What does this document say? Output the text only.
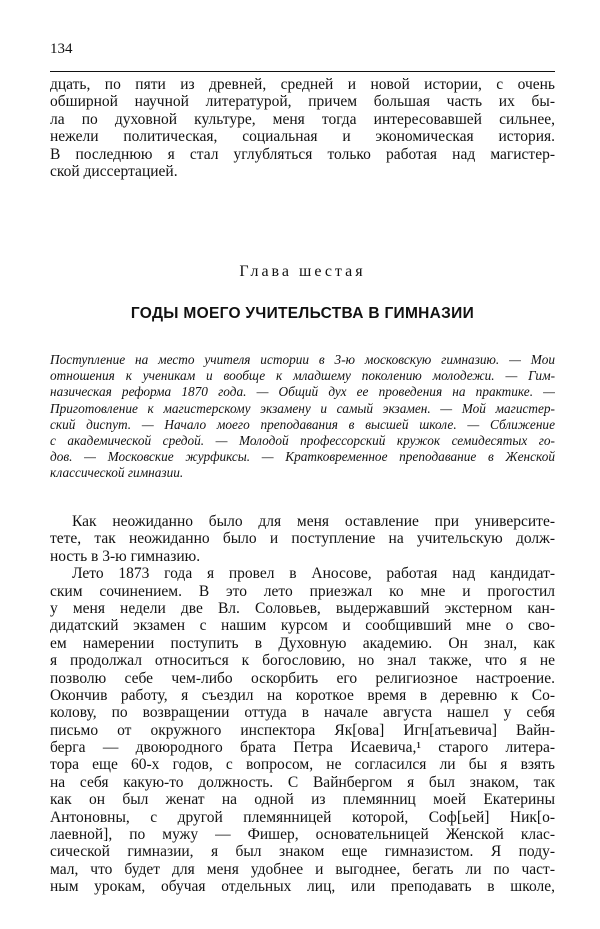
134
дцать, по пяти из древней, средней и новой истории, с очень
обширной научной литературой, причем большая часть их бы-
ла по духовной культуре, меня тогда интересовавшей сильнее,
нежели политическая, социальная и экономическая история.
В последнюю я стал углубляться только работая над магистер-
ской диссертацией.
Глава шестая
ГОДЫ МОЕГО УЧИТЕЛЬСТВА В ГИМНАЗИИ
Поступление на место учителя истории в 3-ю московскую гимназию. — Мои
отношения к ученикам и вообще к младшему поколению молодежи. — Гим-
назическая реформа 1870 года. — Общий дух ее проведения на практике. —
Приготовление к магистерскому экзамену и самый экзамен. — Мой магистер-
ский диспут. — Начало моего преподавания в высшей школе. — Сближение
с академической средой. — Молодой профессорский кружок семидесятых го-
дов. — Московские журфиксы. — Кратковременное преподавание в Женской
классической гимназии.
Как неожиданно было для меня оставление при университе-
тете, так неожиданно было и поступление на учительскую долж-
ность в 3-ю гимназию.
Лето 1873 года я провел в Аносове, работая над кандидат-
ским сочинением. В это лето приезжал ко мне и прогостил
у меня недели две Вл. Соловьев, выдержавший экстерном кан-
дидатский экзамен с нашим курсом и сообщивший мне о сво-
ем намерении поступить в Духовную академию. Он знал, как
я продолжал относиться к богословию, но знал также, что я не
позволю себе чем-либо оскорбить его религиозное настроение.
Окончив работу, я съездил на короткое время в деревню к Со-
колову, по возвращении оттуда в начале августа нашел у себя
письмо от окружного инспектора Як[ова] Игн[атьевича] Вайн-
берга — двоюродного брата Петра Исаевича,¹ старого литера-
тора еще 60-х годов, с вопросом, не согласился ли бы я взять
на себя какую-то должность. С Вайнбергом я был знаком, так
как он был женат на одной из племянниц моей Екатерины
Антоновны, с другой племянницей которой, Соф[ьей] Ник[о-
лаевной], по мужу — Фишер, основательницей Женской клас-
сической гимназии, я был знаком еще гимназистом. Я поду-
мал, что будет для меня удобнее и выгоднее, бегать ли по част-
ным урокам, обучая отдельных лиц, или преподавать в школе,
